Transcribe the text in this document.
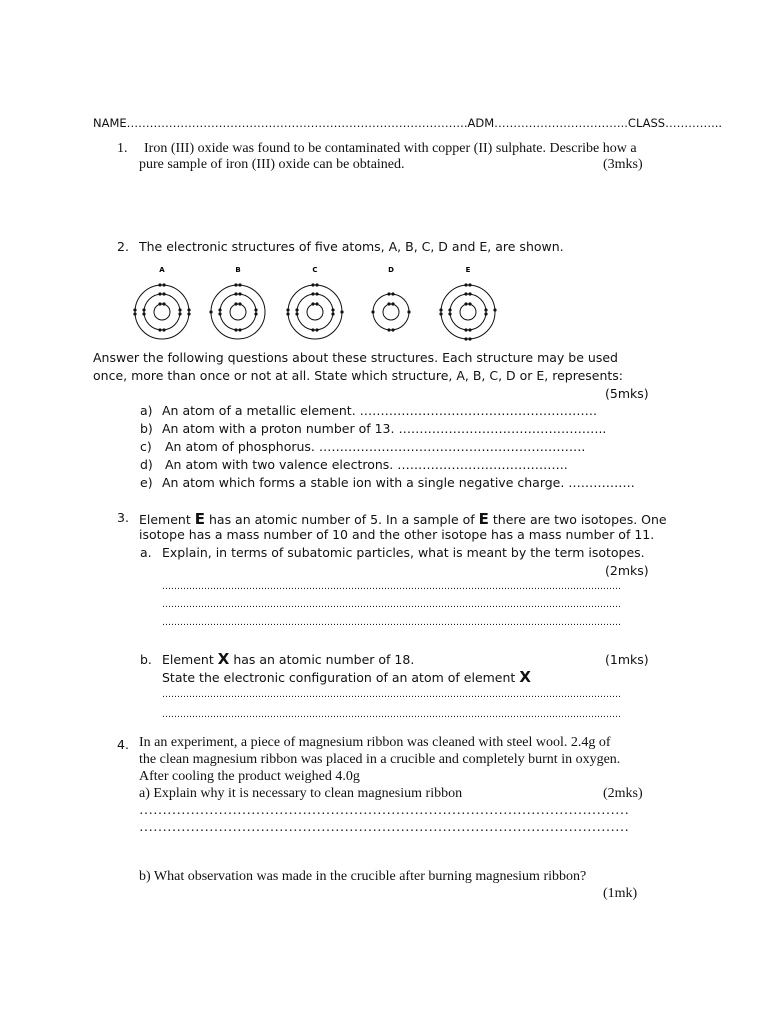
NAME……………………………………………………………………………..ADM……………………………..CLASS…………...
1. Iron (III) oxide was found to be contaminated with copper (II) sulphate. Describe how a
pure sample of iron (III) oxide can be obtained.	(3mks)
2. The electronic structures of five atoms, A, B, C, D and E, are shown.
A	B	C	D	E
Answer the following questions about these structures. Each structure may be used
once, more than once or not at all. State which structure, A, B, C, D or E, represents:
(5mks)
a) An atom of a metallic element. …………………………………………………
b) An atom with a proton number of 13. …………………………………………..
c) An atom of phosphorus. ……………………………………………………….
d) An atom with two valence electrons. …………………………………..
e) An atom which forms a stable ion with a single negative charge. …………….
3. Element E has an atomic number of 5. In a sample of E there are two isotopes. One
isotope has a mass number of 10 and the other isotope has a mass number of 11.
a. Explain, in terms of subatomic particles, what is meant by the term isotopes.
(2mks)
………………………………………………………………………………………………………………………………………
………………………………………………………………………………………………………………………………………
………………………………………………………………………………………………………………………………………
b. Element X has an atomic number of 18.	(1mks)
State the electronic configuration of an atom of element X
………………………………………………………………………………………………………………………………………
………………………………………………………………………………………………………………………………………
4. In an experiment, a piece of magnesium ribbon was cleaned with steel wool. 2.4g of
the clean magnesium ribbon was placed in a crucible and completely burnt in oxygen.
After cooling the product weighed 4.0g
a) Explain why it is necessary to clean magnesium ribbon	(2mks)
……………………………………………………………………………………………
……………………………………………………………………………………………
b) What observation was made in the crucible after burning magnesium ribbon?
(1mk)
